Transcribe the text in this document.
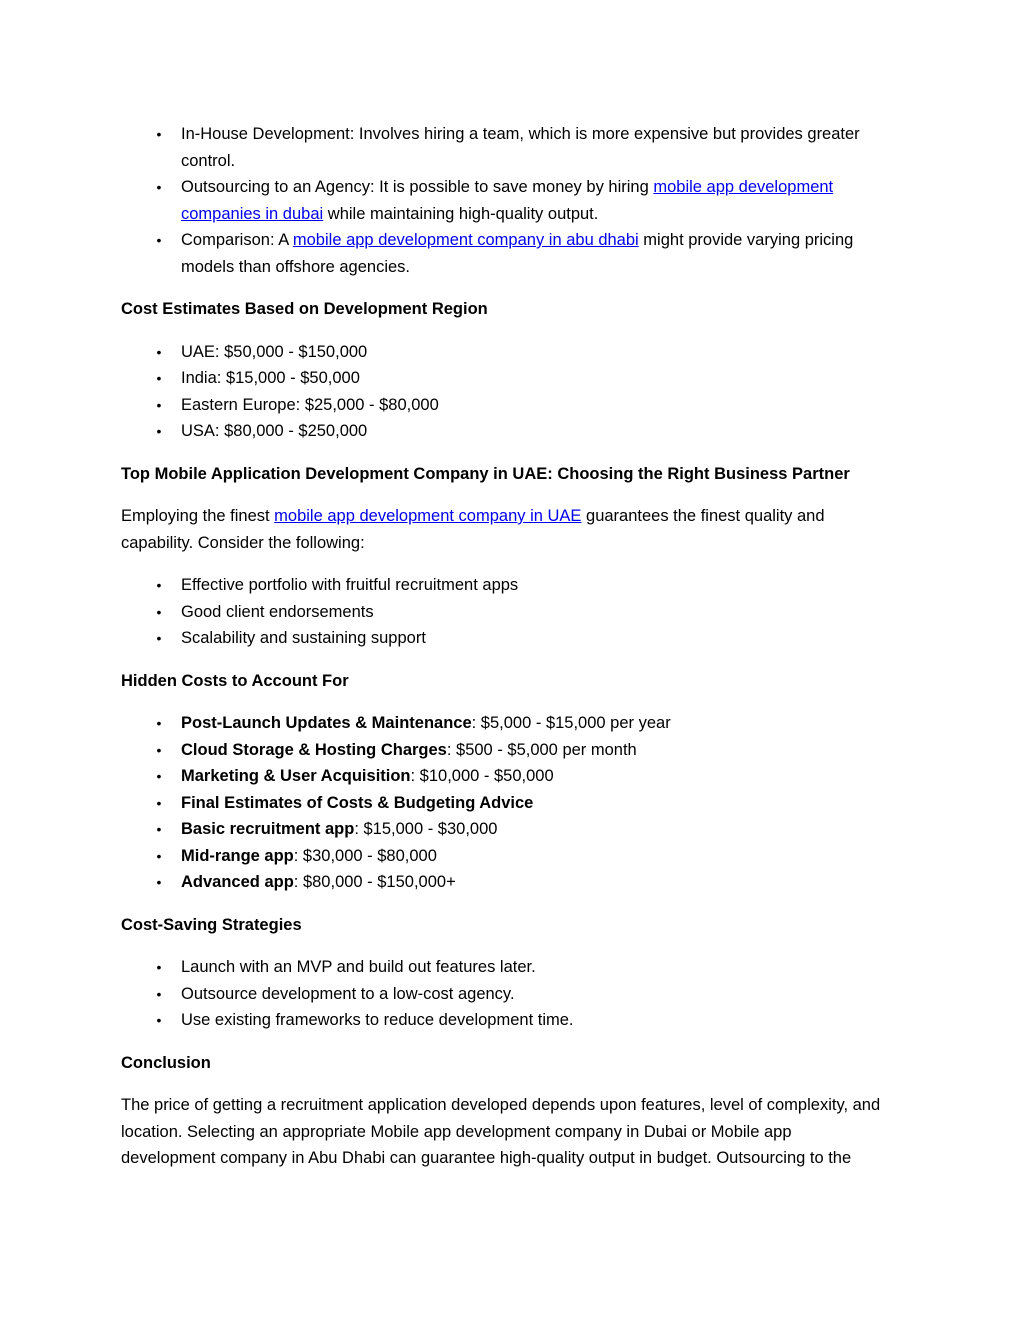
• In-House Development: Involves hiring a team, which is more expensive but provides greater control.
• Outsourcing to an Agency: It is possible to save money by hiring mobile app development companies in dubai while maintaining high-quality output.
• Comparison: A mobile app development company in abu dhabi might provide varying pricing models than offshore agencies.

Cost Estimates Based on Development Region

• UAE: $50,000 - $150,000
• India: $15,000 - $50,000
• Eastern Europe: $25,000 - $80,000
• USA: $80,000 - $250,000

Top Mobile Application Development Company in UAE: Choosing the Right Business Partner

Employing the finest mobile app development company in UAE guarantees the finest quality and capability. Consider the following:

• Effective portfolio with fruitful recruitment apps
• Good client endorsements
• Scalability and sustaining support

Hidden Costs to Account For

• Post-Launch Updates & Maintenance: $5,000 - $15,000 per year
• Cloud Storage & Hosting Charges: $500 - $5,000 per month
• Marketing & User Acquisition: $10,000 - $50,000
• Final Estimates of Costs & Budgeting Advice
• Basic recruitment app: $15,000 - $30,000
• Mid-range app: $30,000 - $80,000
• Advanced app: $80,000 - $150,000+

Cost-Saving Strategies

• Launch with an MVP and build out features later.
• Outsource development to a low-cost agency.
• Use existing frameworks to reduce development time.

Conclusion

The price of getting a recruitment application developed depends upon features, level of complexity, and location. Selecting an appropriate Mobile app development company in Dubai or Mobile app development company in Abu Dhabi can guarantee high-quality output in budget. Outsourcing to the
